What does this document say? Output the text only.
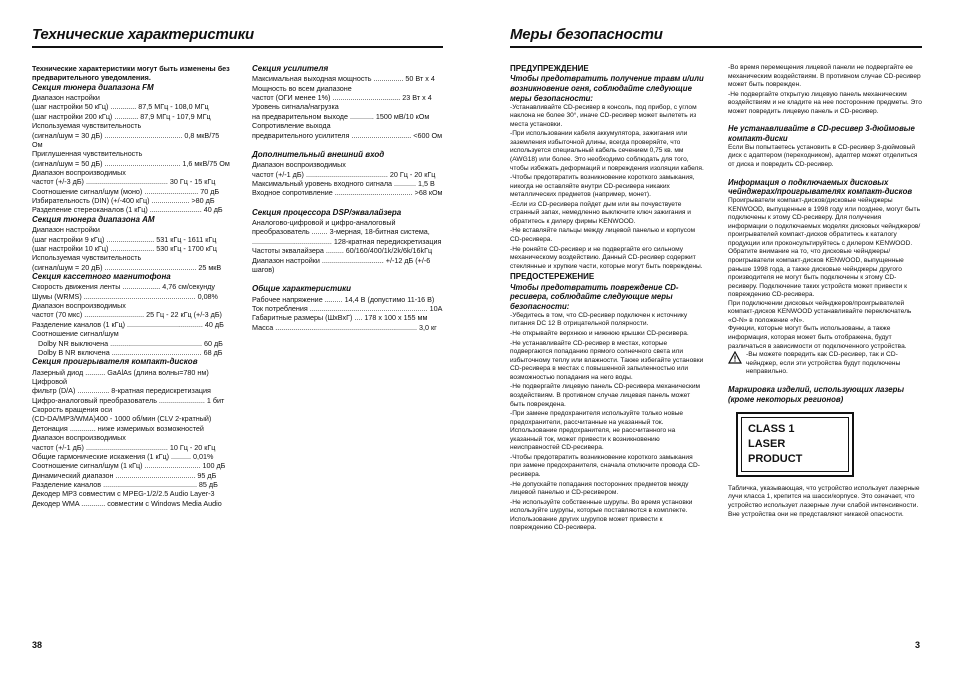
Технические характеристики

Технические характеристики могут быть изменены без предварительного уведомления.

Секция тюнера диапазона FM

Диапазон настройки

(шаг настройки 50 кГц) ............. 87,5 МГц - 108,0 МГц

(шаг настройки 200 кГц) ............ 87,9 МГц - 107,9 МГц

Используемая чувствительность

(сигнал/шум = 30 дБ) ....................................... 0,8 мкВ/75 Ом

Приглушенная чувствительность

(сигнал/шум = 50 дБ) ...................................... 1,6 мкВ/75 Ом

Диапазон воспроизводимых

частот (+/-3 дБ) ......................................... 30 Гц - 15 кГц

Соотношение сигнал/шум (моно) ........................... 70 дБ

Избирательность (DIN) (+/-400 кГц) ................... >80 дБ

Разделение стереоканалов (1 кГц) .......................... 40 дБ

Секция тюнера диапазона AM

Диапазон настройки

(шаг настройки 9 кГц) ........................ 531 кГц - 1611 кГц

(шаг настройки 10 кГц) ...................... 530 кГц - 1700 кГц

Используемая чувствительность

(сигнал/шум = 20 дБ) .............................................. 25 мкВ

Секция кассетного магнитофона

Скорость движения ленты ................... 4,76 см/секунду

Шумы (WRMS) ........................................................ 0,08%

Диапазон воспроизводимых

частот (70 мкс) .............................. 25 Гц - 22 кГц (+/-3 дБ)

Разделение каналов (1 кГц) ...................................... 40 дБ

Соотношение сигнал/шум

Dolby NR выключена .............................................. 60 дБ

Dolby B NR включена ............................................. 68 дБ

Секция проигрывателя компакт-дисков

Лазерный диод .......... GaAlAs (длина волны=780 нм)

Цифровой

фильтр (D/A) ................ 8-кратная передискретизация

Цифро-аналоговый преобразователь ....................... 1 бит

Скорость вращения оси

(CD-DA/MP3/WMA)400 - 1000 об/мин (CLV 2-кратный)

Детонация ............. ниже измеримых возможностей

Диапазон воспроизводимых

частот (+/-1 дБ) ......................................... 10 Гц - 20 кГц

Общие гармонические искажения (1 кГц) .......... 0,01%

Соотношение сигнал/шум (1 кГц) ............................ 100 дБ

Динамический диапазон ........................................ 95 дБ

Разделение каналов ............................................... 85 дБ

Декодер MP3 совместим с MPEG-1/2/2.5 Audio Layer-3

Декодер WMA ............ совместим с Windows Media Audio

Секция усилителя

Максимальная выходная мощность ............... 50 Вт x 4

Мощность во всем диапазоне

частот (ОГИ менее 1%) .................................. 23 Вт x 4

Уровень сигнала/нагрузка

на предварительном выходе ............ 1500 мВ/10 кОм

Сопротивление выхода

предварительного усилителя .............................. <600 Ом

Дополнительный внешний вход

Диапазон воспроизводимых

частот (+/-1 дБ) ......................................... 20 Гц - 20 кГц

Максимальный уровень входного сигнала ........... 1,5 В

Входное сопротивление ....................................... >68 кОм

Секция процессора DSP/эквалайзера

Аналогово-цифровой и цифро-аналоговый

преобразователь ........ 3-мерная, 18-битная система,

........................................ 128-кратная передискретизация

Частоты эквалайзера ......... 60/160/400/1k/2k/6k/16kГц

Диапазон настройки ............................... +/-12 дБ (+/-6 шагов)

Общие характеристики

Рабочее напряжение ......... 14,4 В (допустимо 11-16 В)

Ток потребления ........................................................... 10A

Габаритные размеры (ШxВxГ) .... 178 x 100 x 155 мм

Масса ....................................................................... 3,0 кг

38
Меры безопасности

ПРЕДУПРЕЖДЕНИЕ

Чтобы предотвратить получение травм и/или возникновение огня, соблюдайте следующие меры безопасности:

-Устанавливайте CD-ресивер в консоль, под прибор, с углом наклона не более 30°, иначе CD-ресивер может вылететь из места установки.

-При использовании кабеля аккумулятора, зажигания или заземления избыточной длины, всегда проверяйте, что используется специальный кабель сечением 0,75 кв. мм (AWG18) или более. Это необходимо соблюдать для того, чтобы избежать деформаций и повреждения изоляции кабеля.

-Чтобы предотвратить возникновение короткого замыкания, никогда не оставляйте внутри CD-ресивера никаких металлических предметов (например, монет).

-Если из CD-ресивера пойдет дым или вы почувствуете странный запах, немедленно выключите ключ зажигания и обратитесь к дилеру фирмы KENWOOD.

-Не вставляйте пальцы между лицевой панелью и корпусом CD-ресивера.

-Не роняйте CD-ресивер и не подвергайте его сильному механическому воздействию. Данный CD-ресивер содержит стеклянные и хрупкие части, которые могут быть повреждены.

ПРЕДОСТЕРЕЖЕНИЕ

Чтобы предотвратить повреждение CD-ресивера, соблюдайте следующие меры безопасности:

-Убедитесь в том, что CD-ресивер подключен к источнику питания DC 12 В отрицательной полярности.

-Не открывайте верхнюю и нижнюю крышки CD-ресивера.

-Не устанавливайте CD-ресивер в местах, которые подвергаются попаданию прямого солнечного света или избыточному теплу или влажности. Также избегайте установки CD-ресивера в местах с повышенной запыленностью или возможностью попадания на него воды.

-Не подвергайте лицевую панель CD-ресивера механическим воздействиям. В противном случае лицевая панель может быть повреждена.

-При замене предохранителя используйте только новые предохранители, рассчитанные на указанный ток. Использование предохранителя, не рассчитанного на указанный ток, может привести к возникновению неисправностей CD-ресивера.

-Чтобы предотвратить возникновение короткого замыкания при замене предохранителя, сначала отключите провода CD-ресивера.

-Не допускайте попадания посторонних предметов между лицевой панелью и CD-ресивером.

-Не используйте собственные шурупы. Во время установки используйте шурупы, которые поставляются в комплекте. Использование других шурупов может привести к повреждению CD-ресивера.

-Во время перемещения лицевой панели не подвергайте ее механическим воздействиям. В противном случае CD-ресивер может быть поврежден.

-Не подвергайте открытую лицевую панель механическим воздействиям и не кладите на нее посторонние предметы. Это может повредить лицевую панель и CD-ресивер.

Не устанавливайте в CD-ресивер 3-дюймовые компакт-диски

Если Вы попытаетесь установить в CD-ресивер 3-дюймовый диск с адаптером (переходником), адаптер может отделиться от диска и повредить CD-ресивер.

Информация о подключаемых дисковых чейнджерах/проигрывателях компакт-дисков

Проигрыватели компакт-дисков/дисковые чейнджеры KENWOOD, выпущенные в 1998 году или позднее, могут быть подключены к этому CD-ресиверу. Для получения информации о подключаемых моделях дисковых чейнджеров/проигрывателей компакт-дисков обратитесь к каталогу продукции или проконсультируйтесь с дилером KENWOOD.

Обратите внимание на то, что дисковые чейнджеры/проигрыватели компакт-дисков KENWOOD, выпущенные раньше 1998 года, а также дисковые чейнджеры другого производителя не могут быть подключены к этому CD-ресиверу. Подключение таких устройств может привести к повреждению CD-ресивера.

При подключении дисковых чейнджеров/проигрывателей компакт-дисков KENWOOD устанавливайте переключатель «O-N» в положение «N».

Функции, которые могут быть использованы, а также информация, которая может быть отображена, будут различаться в зависимости от подключенного устройства.

-Вы можете повредить как CD-ресивер, так и CD-чейнджер, если эти устройства будут подключены неправильно.

Маркировка изделий, использующих лазеры (кроме некоторых регионов)

CLASS 1
LASER PRODUCT

Табличка, указывающая, что устройство использует лазерные лучи класса 1, крепится на шасси/корпусе. Это означает, что устройство использует лазерные лучи слабой интенсивности. Вне устройства они не представляют никакой опасности.

3
